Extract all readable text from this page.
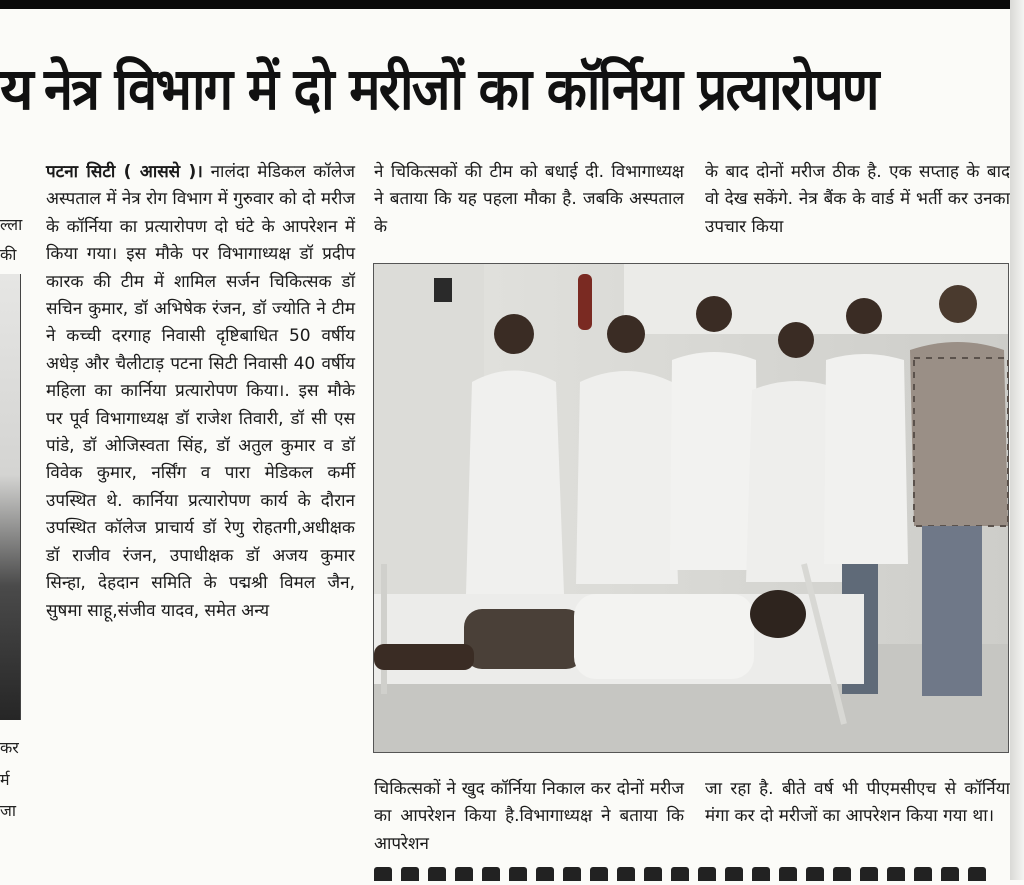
य नेत्र विभाग में दो मरीजों का कॉर्निया प्रत्यारोपण
ल्ला
की
कर
र्म
जा

पटना सिटी ( आससे )। नालंदा मेडिकल कॉलेज अस्पताल में नेत्र रोग विभाग में गुरुवार को दो मरीज के कॉर्निया का प्रत्यारोपण दो घंटे के आपरेशन में किया गया। इस मौके पर विभागाध्यक्ष डॉ प्रदीप कारक की टीम में शामिल सर्जन चिकित्सक डॉ सचिन कुमार, डॉ अभिषेक रंजन, डॉ ज्योति ने टीम ने कच्ची दरगाह निवासी दृष्टिबाधित 50 वर्षीय अधेड़ और चैलीटाड़ पटना सिटी निवासी 40 वर्षीय महिला का कार्निया प्रत्यारोपण किया।. इस मौके पर पूर्व विभागाध्यक्ष डॉ राजेश तिवारी, डॉ सी एस पांडे, डॉ ओजिस्वता सिंह, डॉ अतुल कुमार व डॉ विवेक कुमार, नर्सिंग व पारा मेडिकल कर्मी उपस्थित थे. कार्निया प्रत्यारोपण कार्य के दौरान उपस्थित कॉलेज प्राचार्य डॉ रेणु रोहतगी,अधीक्षक डॉ राजीव रंजन, उपाधीक्षक डॉ अजय कुमार सिन्हा, देहदान समिति के पद्मश्री विमल जैन, सुषमा साहू,संजीव यादव, समेत अन्य

ने चिकित्सकों की टीम को बधाई दी. विभागाध्यक्ष ने बताया कि यह पहला मौका है. जबकि अस्पताल के

के बाद दोनों मरीज ठीक है. एक सप्ताह के बाद वो देख सकेंगे. नेत्र बैंक के वार्ड में भर्ती कर उनका उपचार किया

चिकित्सकों ने खुद कॉर्निया निकाल कर दोनों मरीज का आपरेशन किया है.विभागाध्यक्ष ने बताया कि आपरेशन

जा रहा है. बीते वर्ष भी पीएमसीएच से कॉर्निया मंगा कर दो मरीजों का आपरेशन किया गया था।
